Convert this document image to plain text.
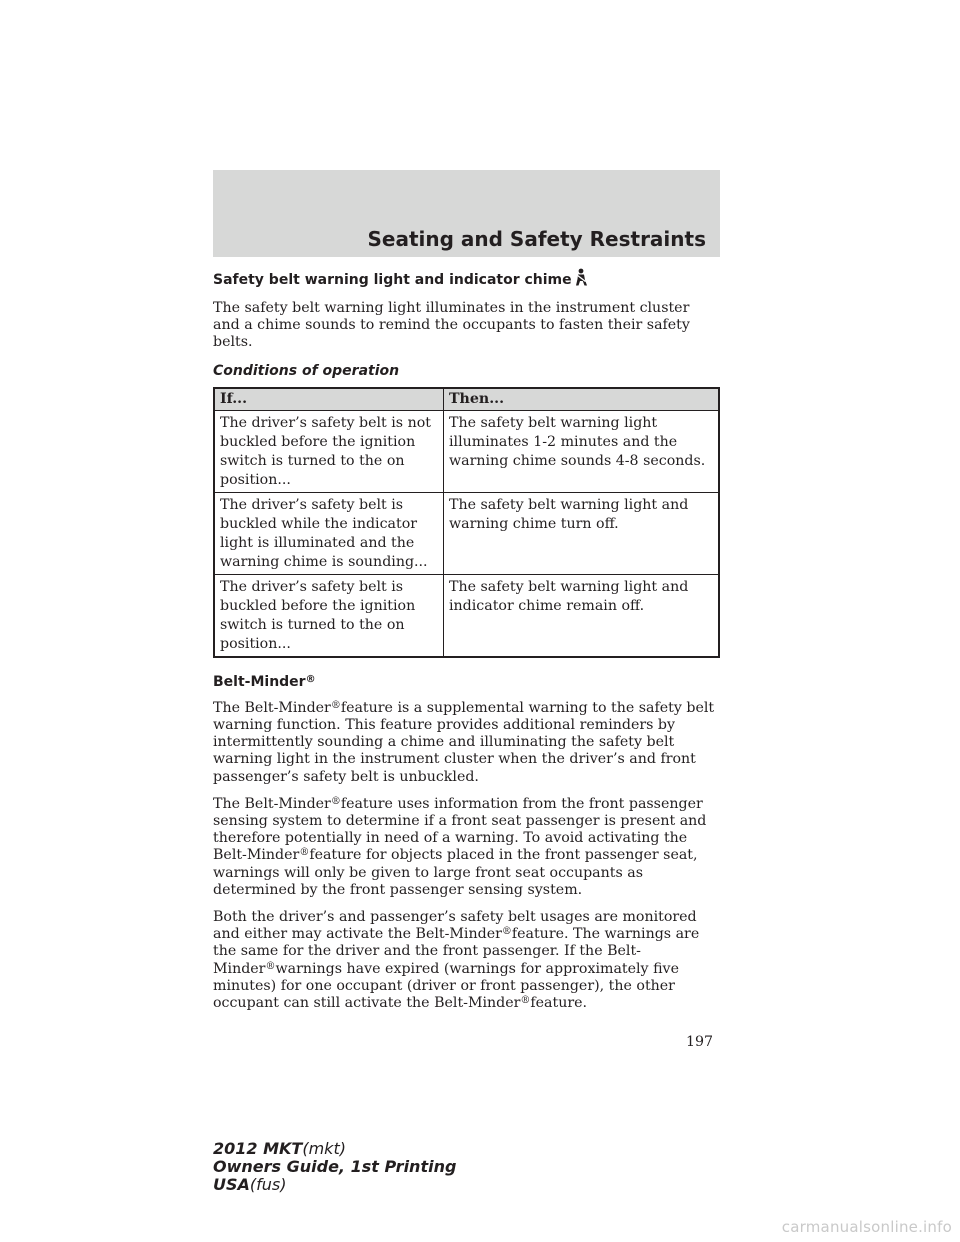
Seating and Safety Restraints
Safety belt warning light and indicator chime

The safety belt warning light illuminates in the instrument cluster and a chime sounds to remind the occupants to fasten their safety belts.

Conditions of operation
If...	Then...
The driver’s safety belt is not buckled before the ignition switch is turned to the on position...	The safety belt warning light illuminates 1-2 minutes and the warning chime sounds 4-8 seconds.
The driver’s safety belt is buckled while the indicator light is illuminated and the warning chime is sounding...	The safety belt warning light and warning chime turn off.
The driver’s safety belt is buckled before the ignition switch is turned to the on position...	The safety belt warning light and indicator chime remain off.
Belt-Minder®

The Belt-Minder®feature is a supplemental warning to the safety belt warning function. This feature provides additional reminders by intermittently sounding a chime and illuminating the safety belt warning light in the instrument cluster when the driver’s and front passenger’s safety belt is unbuckled.

The Belt-Minder®feature uses information from the front passenger sensing system to determine if a front seat passenger is present and therefore potentially in need of a warning. To avoid activating the Belt-Minder®feature for objects placed in the front passenger seat, warnings will only be given to large front seat occupants as determined by the front passenger sensing system.

Both the driver’s and passenger’s safety belt usages are monitored and either may activate the Belt-Minder®feature. The warnings are the same for the driver and the front passenger. If the Belt-Minder®warnings have expired (warnings for approximately five minutes) for one occupant (driver or front passenger), the other occupant can still activate the Belt-Minder®feature.

197
2012 MKT(mkt)
Owners Guide, 1st Printing
USA(fus)
carmanualsonline.info
